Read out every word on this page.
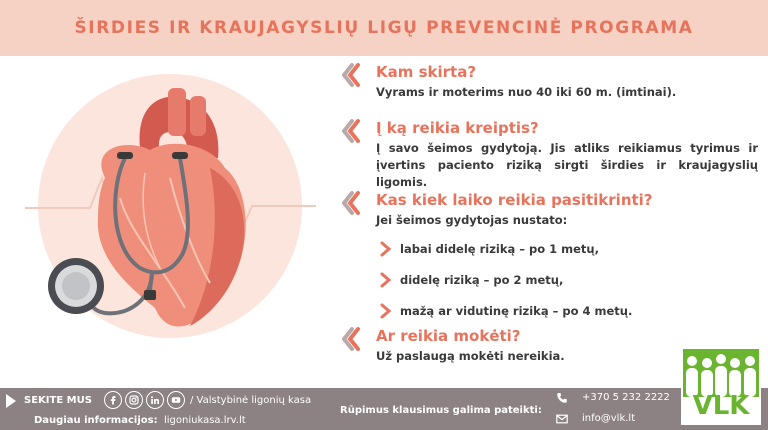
ŠIRDIES IR KRAUJAGYSLIŲ LIGŲ PREVENCINĖ PROGRAMA
Kam skirta?

Vyrams ir moterims nuo 40 iki 60 m. (imtinai).

Į ką reikia kreiptis?

Į savo šeimos gydytoją. Jis atliks reikiamus tyrimus ir įvertins paciento riziką sirgti širdies ir kraujagyslių ligomis.

Kas kiek laiko reikia pasitikrinti?

Jei šeimos gydytojas nustato:

labai didelę riziką – po 1 metų,
didelę riziką – po 2 metų,
mažą ar vidutinę riziką – po 4 metų.
Ar reikia mokėti?

Už paslaugą mokėti nereikia.

SEKITE MUS	/ Valstybinė ligonių kasa
Daugiau informacijos: ligoniukasa.lrv.lt
Rūpimus klausimus galima pateikti:
+370 5 232 2222
info@vlk.lt	VLK
